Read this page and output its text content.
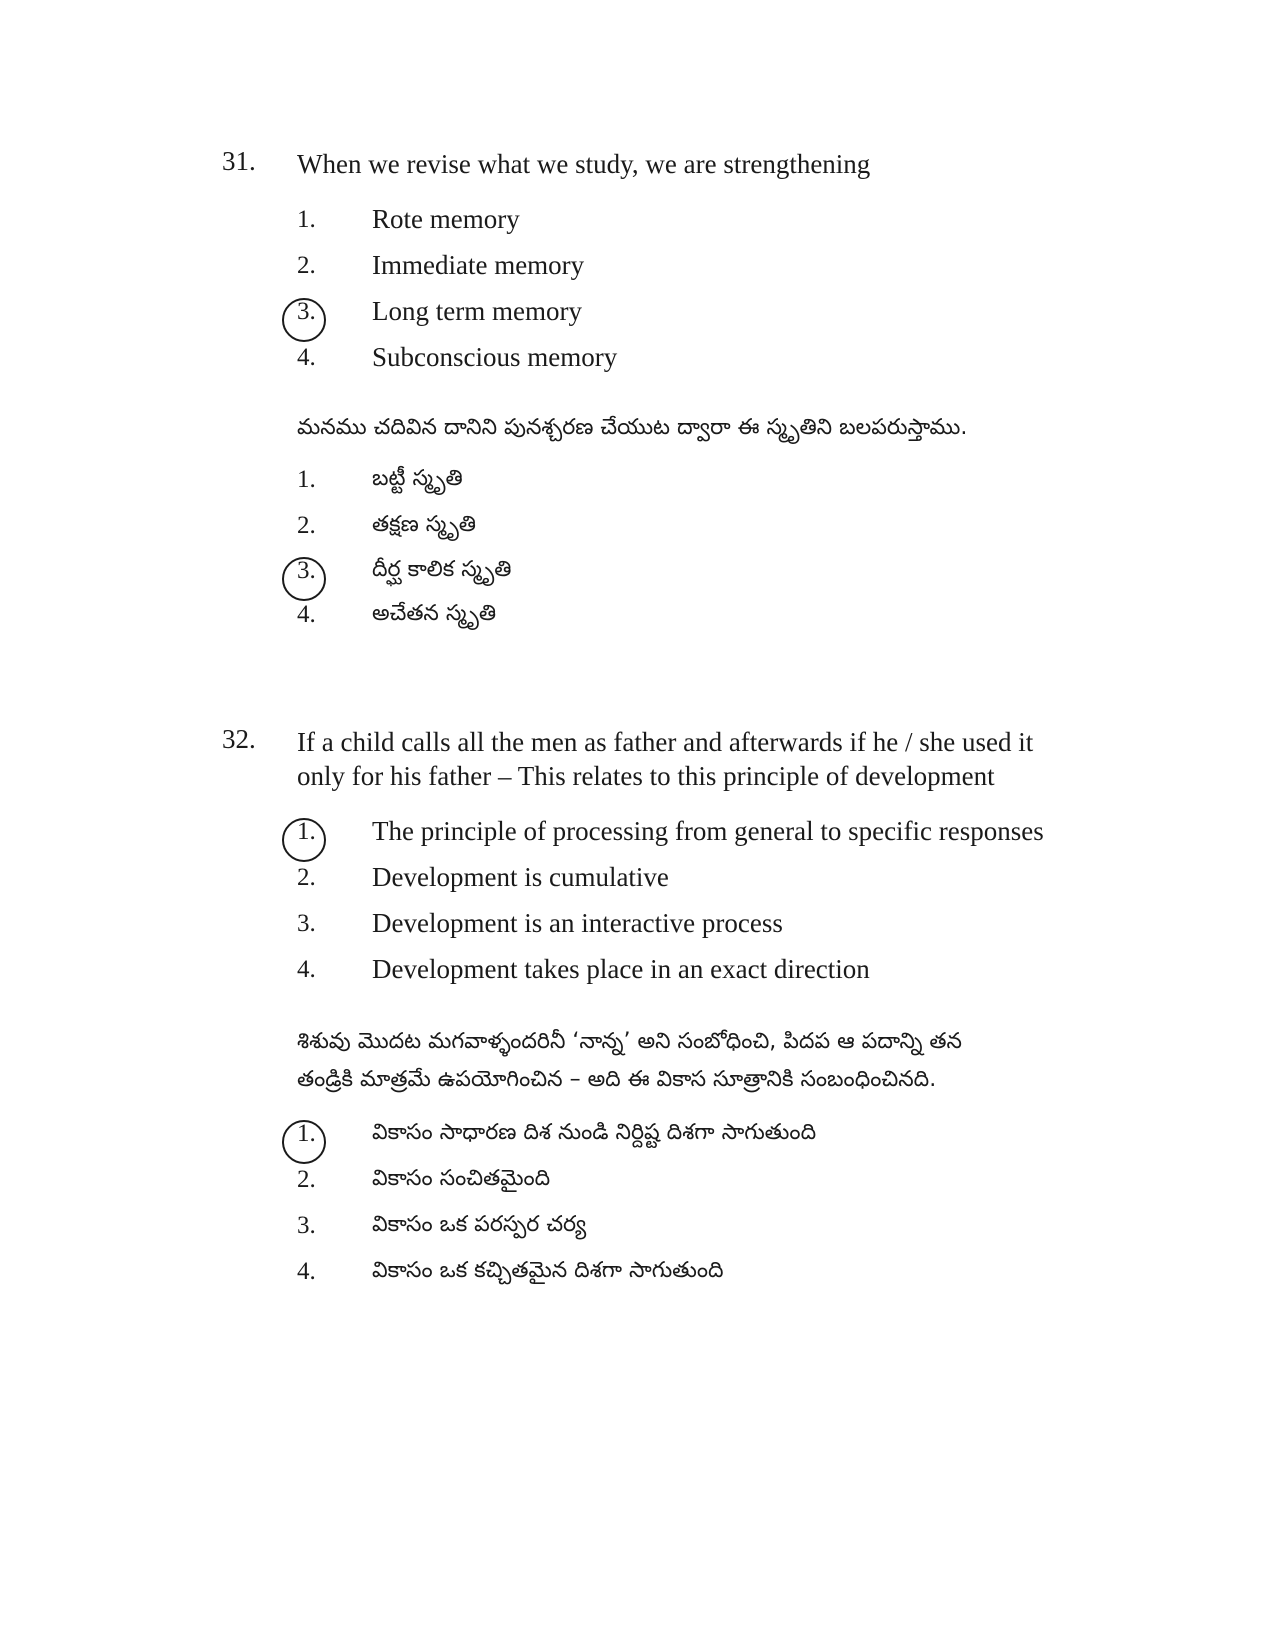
31. When we revise what we study, we are strengthening
1. Rote memory
2. Immediate memory
3. Long term memory
4. Subconscious memory
మనము చదివిన దానిని పునశ్చరణ చేయుట ద్వారా ఈ స్మృతిని బలపరుస్తాము.
1.	బట్టీ స్మృతి
2.	తక్షణ స్మృతి
3.	దీర్ఘ కాలిక స్మృతి
4.	అచేతన స్మృతి
32. If a child calls all the men as father and afterwards if he / she used it
only for his father – This relates to this principle of development
1. The principle of processing from general to specific responses
2. Development is cumulative
3. Development is an interactive process
4. Development takes place in an exact direction
శిశువు మొదట మగవాళ్ళందరినీ ‘నాన్న’ అని సంబోధించి, పిదప ఆ పదాన్ని తన
తండ్రికి మాత్రమే ఉపయోగించిన – అది ఈ వికాస సూత్రానికి సంబంధించినది.
1.	వికాసం సాధారణ దిశ నుండి నిర్దిష్ట దిశగా సాగుతుంది
2.	వికాసం సంచితమైంది
3.	వికాసం ఒక పరస్పర చర్య
4.	వికాసం ఒక కచ్చితమైన దిశగా సాగుతుంది
